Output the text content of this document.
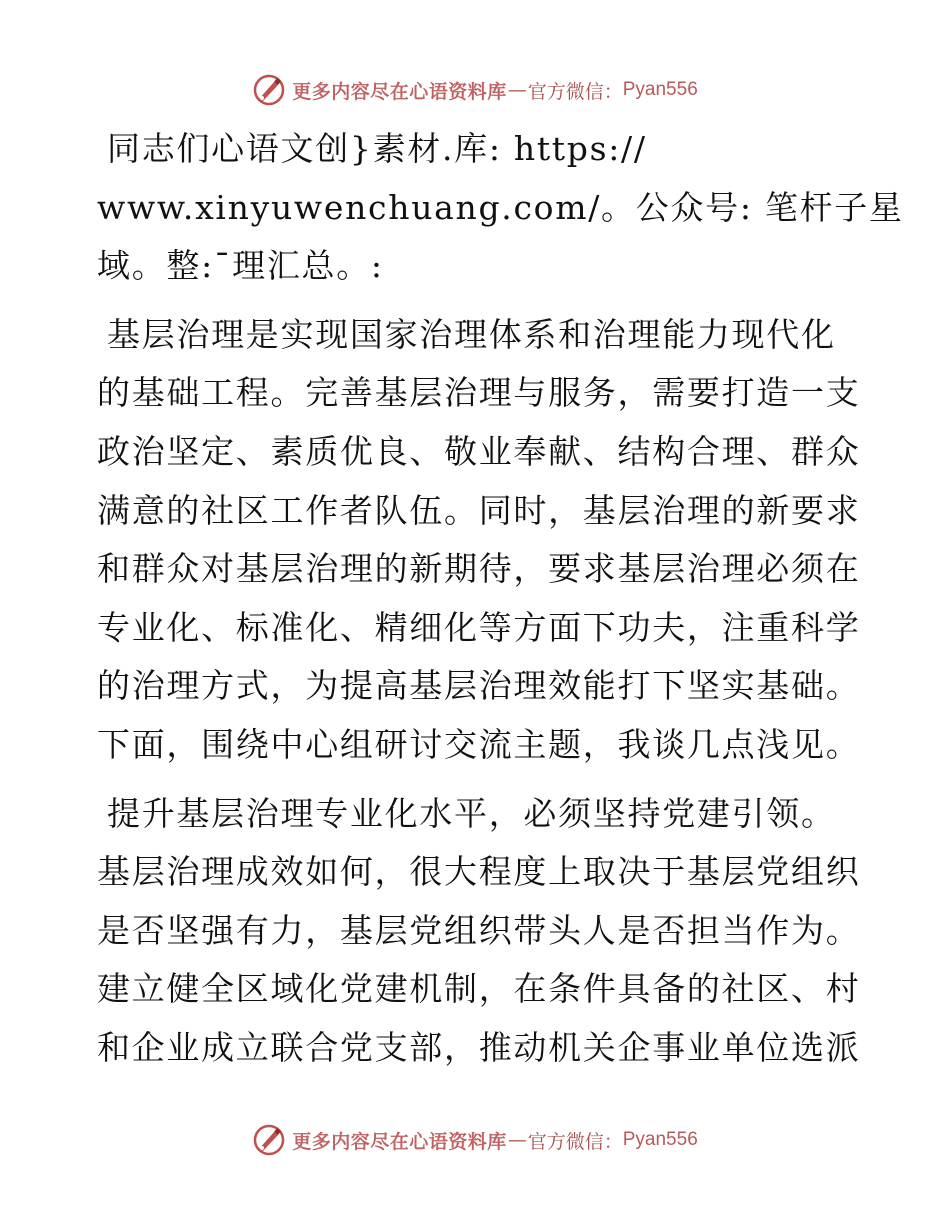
更多内容尽在心语资料库 — 官方微信： Pyan556

同志们心语文创}素材.库: https://
www.xinyuwenchuang.com/。公众号: 笔杆子星
域。整:¯理汇总。:

基层治理是实现国家治理体系和治理能力现代化
的基础工程。完善基层治理与服务，需要打造一支
政治坚定、素质优良、敬业奉献、结构合理、群众
满意的社区工作者队伍。同时，基层治理的新要求
和群众对基层治理的新期待，要求基层治理必须在
专业化、标准化、精细化等方面下功夫，注重科学
的治理方式，为提高基层治理效能打下坚实基础。
下面，围绕中心组研讨交流主题，我谈几点浅见。

提升基层治理专业化水平，必须坚持党建引领。
基层治理成效如何，很大程度上取决于基层党组织
是否坚强有力，基层党组织带头人是否担当作为。
建立健全区域化党建机制，在条件具备的社区、村
和企业成立联合党支部，推动机关企事业单位选派

更多内容尽在心语资料库 — 官方微信： Pyan556
